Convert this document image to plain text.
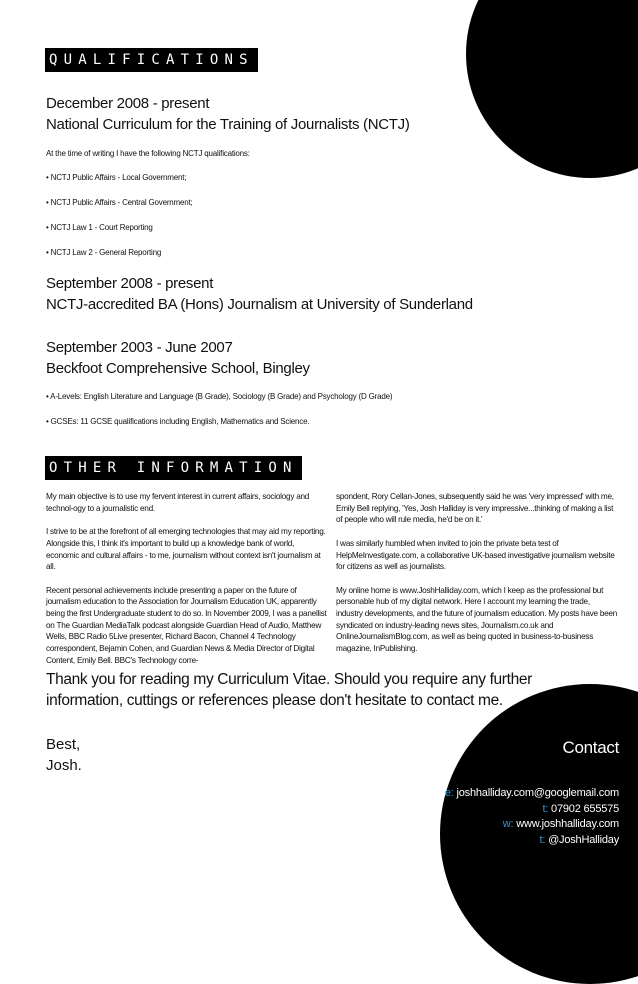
QUALIFICATIONS
December 2008 - present
National Curriculum for the Training of Journalists (NCTJ)
At the time of writing I have the following NCTJ qualifications:
• NCTJ Public Affairs - Local Government;
• NCTJ Public Affairs - Central Government;
• NCTJ Law 1 - Court Reporting
• NCTJ Law 2 - General Reporting
September 2008 - present
NCTJ-accredited BA (Hons) Journalism at University of Sunderland
September 2003 - June 2007
Beckfoot Comprehensive School, Bingley
• A-Levels: English Literature and Language (B Grade), Sociology (B Grade) and Psychology (D Grade)
• GCSEs: 11 GCSE qualifications including English, Mathematics and Science.
OTHER INFORMATION

My main objective is to use my fervent interest in current affairs, sociology and technol-ogy to a journalistic end.

I strive to be at the forefront of all emerging technologies that may aid my reporting. Alongside this, I think it's important to build up a knowledge bank of world, economic and cultural affairs - to me, journalism without context isn't journalism at all.

Recent personal achievements include presenting a paper on the future of journalism education to the Association for Journalism Education UK, apparently being the first Undergraduate student to do so. In November 2009, I was a panellist on The Guardian MediaTalk podcast alongside Guardian Head of Audio, Matthew Wells, BBC Radio 5Live presenter, Richard Bacon, Channel 4 Technology correspondent, Bejamin Cohen, and Guardian News & Media Director of Digital Content, Emily Bell. BBC's Technology corre-

spondent, Rory Cellan-Jones, subsequently said he was 'very impressed' with me, Emily Bell replying, 'Yes, Josh Halliday is very impressive...thinking of making a list of people who will rule media, he'd be on it.'

I was similarly humbled when invited to join the private beta test of HelpMeInvestigate.com, a collaborative UK-based investigative journalism website for citizens as well as journalists.

My online home is www.JoshHalliday.com, which I keep as the professional but personable hub of my digital network. Here I account my learning the trade, industry developments, and the future of journalism education. My posts have been syndicated on industry-leading news sites, Journalism.co.uk and OnlineJournalismBlog.com, as well as being quoted in business-to-business magazine, InPublishing.

Thank you for reading my Curriculum Vitae. Should you require any further information, cuttings or references please don't hesitate to contact me.
Best,
Josh.
Contact
e: joshhalliday.com@googlemail.com
t: 07902 655575
w: www.joshhalliday.com
t: @JoshHalliday
